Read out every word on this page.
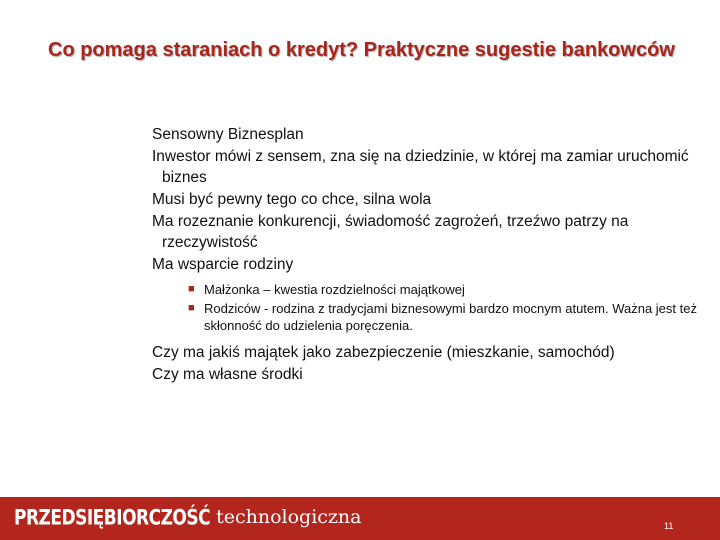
Co pomaga staraniach o kredyt? Praktyczne sugestie bankowców
Sensowny Biznesplan
Inwestor mówi z sensem, zna się na dziedzinie, w której ma zamiar uruchomić biznes
Musi być pewny tego co chce, silna wola
Ma rozeznanie konkurencji, świadomość zagrożeń, trzeźwo patrzy na rzeczywistość
Ma wsparcie rodziny
■ Małżonka – kwestia rozdzielności majątkowej
■ Rodziców - rodzina z tradycjami biznesowymi bardzo mocnym atutem. Ważna jest też skłonność do udzielenia poręczenia.
Czy ma jakiś majątek jako zabezpieczenie (mieszkanie, samochód)
Czy ma własne środki
PRZEDSIĘBIORCZOŚĆ technologiczna	11
